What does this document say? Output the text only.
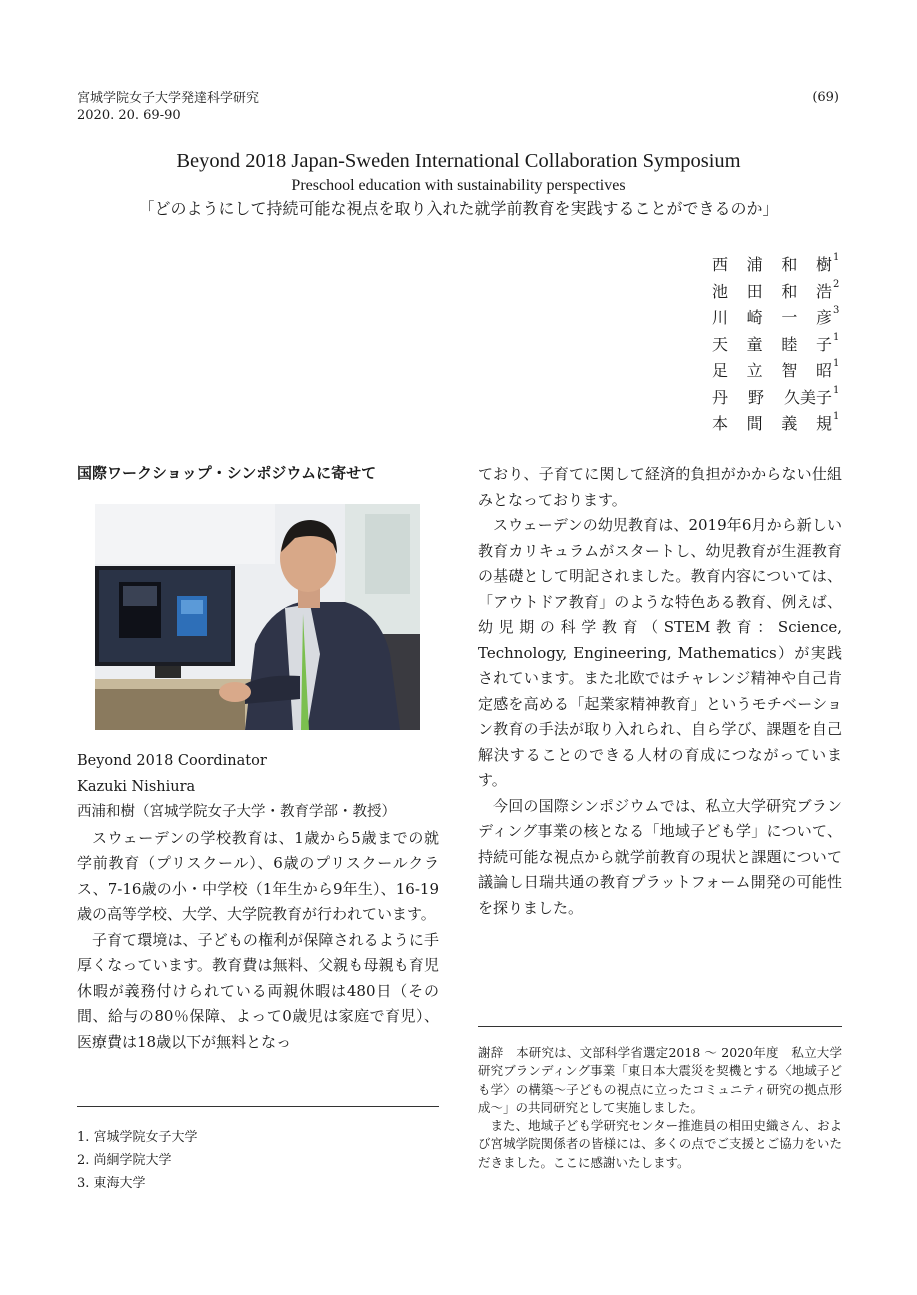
宮城学院女子大学発達科学研究
2020. 20. 69-90
(69)
Beyond 2018 Japan-Sweden International Collaboration Symposium
Preschool education with sustainability perspectives
「どのようにして持続可能な視点を取り入れた就学前教育を実践することができるのか」
西 浦 和 樹$^1$
池 田 和 浩$^2$
川 崎 一 彦$^3$
天 童 睦 子$^1$
足 立 智 昭$^1$
丹 野 久美子$^1$
本 間 義 規$^1$
国際ワークショップ・シンポジウムに寄せて
Beyond 2018 Coordinator
Kazuki Nishiura
西浦和樹（宮城学院女子大学・教育学部・教授）

スウェーデンの学校教育は、1歳から5歳までの就学前教育（プリスクール）、6歳のプリスクールクラス、7-16歳の小・中学校（1年生から9年生）、16-19歳の高等学校、大学、大学院教育が行われています。

子育て環境は、子どもの権利が保障されるように手厚くなっています。教育費は無料、父親も母親も育児休暇が義務付けられている両親休暇は480日（その間、給与の80％保障、よって0歳児は家庭で育児）、医療費は18歳以下が無料となっ

ており、子育てに関して経済的負担がかからない仕組みとなっております。

スウェーデンの幼児教育は、2019年6月から新しい教育カリキュラムがスタートし、幼児教育が生涯教育の基礎として明記されました。教育内容については、「アウトドア教育」のような特色ある教育、例えば、幼児期の科学教育（STEM教育：Science, Technology, Engineering, Mathematics）が実践されています。また北欧ではチャレンジ精神や自己肯定感を高める「起業家精神教育」というモチベーション教育の手法が取り入れられ、自ら学び、課題を自己解決することのできる人材の育成につながっています。

今回の国際シンポジウムでは、私立大学研究ブランディング事業の核となる「地域子ども学」について、持続可能な視点から就学前教育の現状と課題について議論し日瑞共通の教育プラットフォーム開発の可能性を探りました。

1. 宮城学院女子大学
2. 尚絅学院大学
3. 東海大学

謝辞　本研究は、文部科学省選定2018 ～ 2020年度　私立大学研究ブランディング事業「東日本大震災を契機とする〈地域子ども学〉の構築～子どもの視点に立ったコミュニティ研究の拠点形成～」の共同研究として実施しました。

また、地域子ども学研究センター推進員の相田史織さん、および宮城学院関係者の皆様には、多くの点でご支援とご協力をいただきました。ここに感謝いたします。
